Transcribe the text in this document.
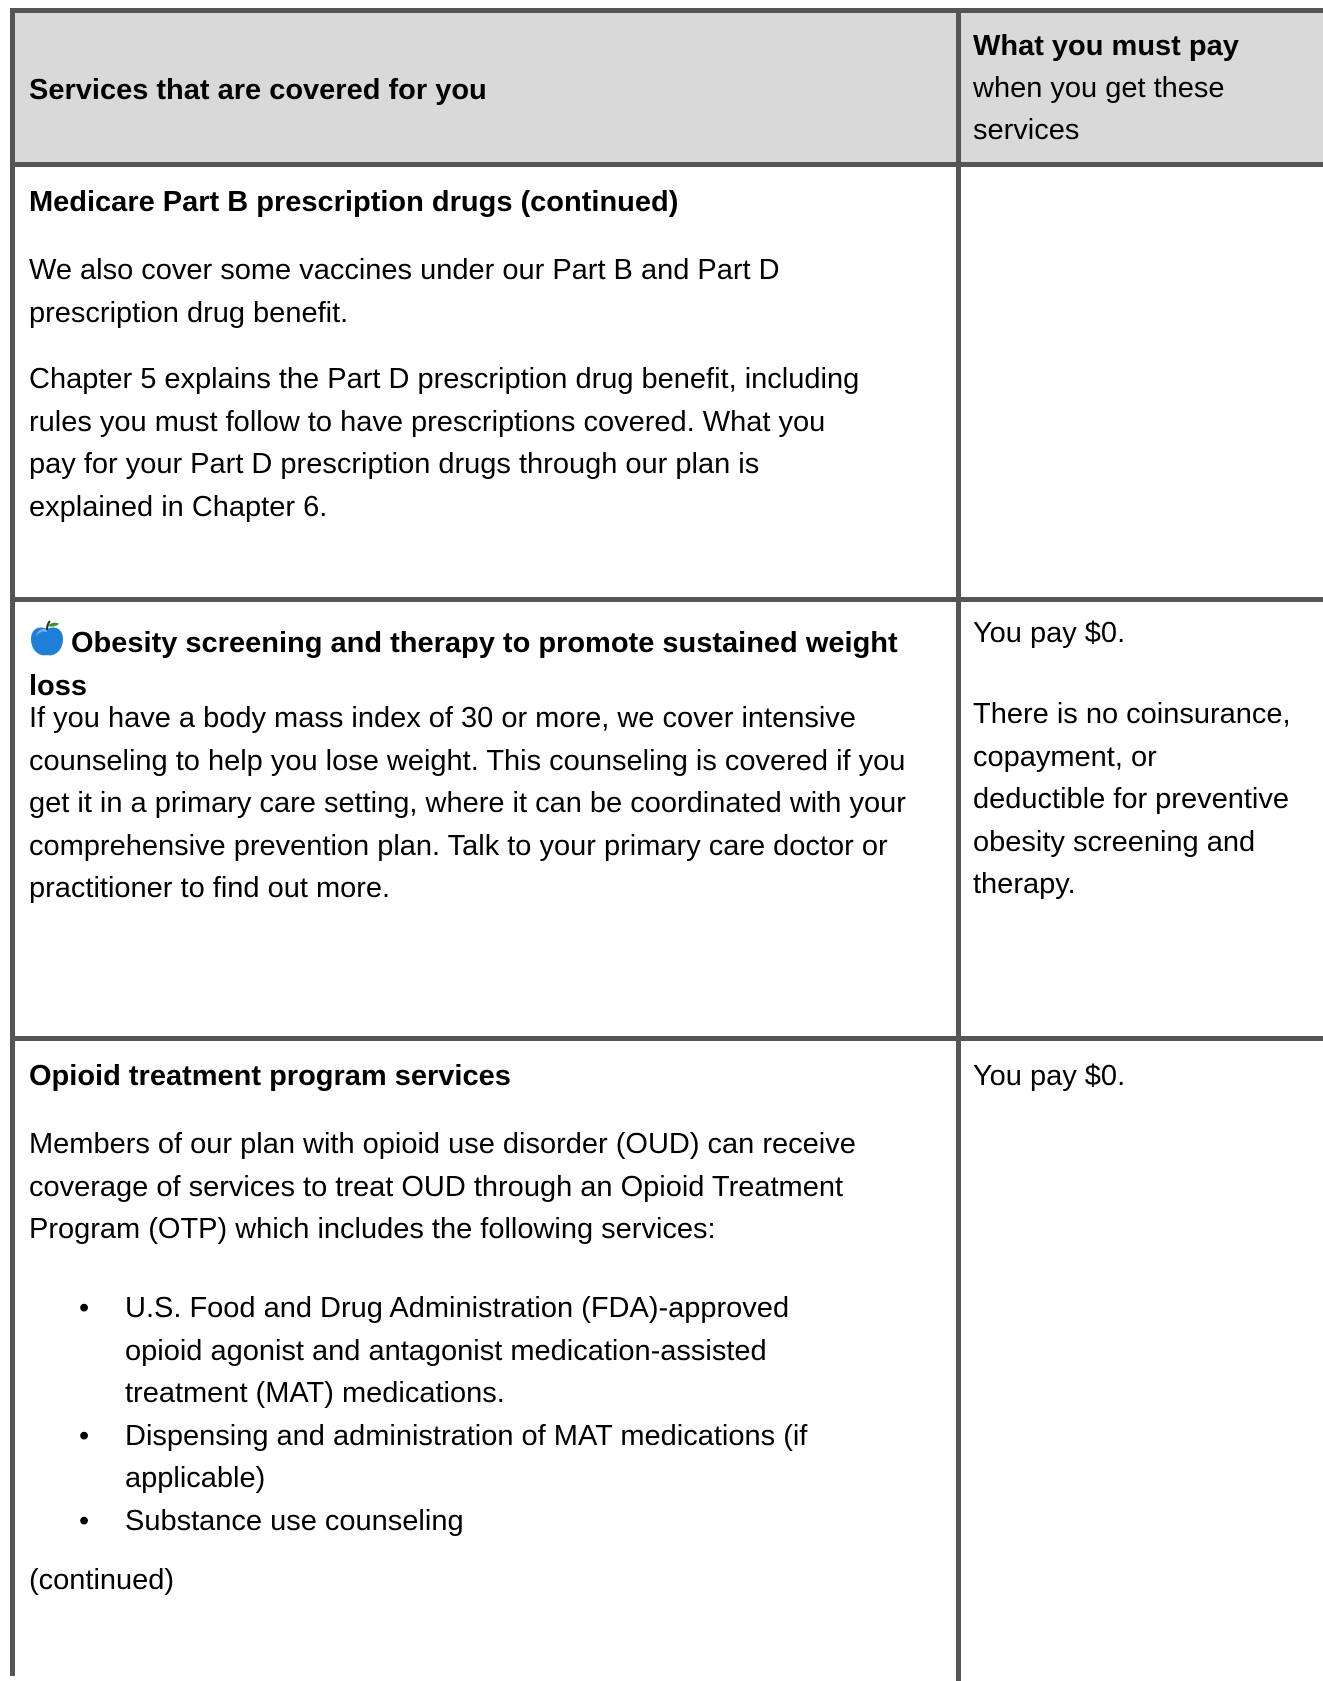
Services that are covered for you

What you must pay
when you get these services

Medicare Part B prescription drugs (continued)

We also cover some vaccines under our Part B and Part D prescription drug benefit.

Chapter 5 explains the Part D prescription drug benefit, including rules you must follow to have prescriptions covered. What you pay for your Part D prescription drugs through our plan is explained in Chapter 6.

Obesity screening and therapy to promote sustained weight loss

If you have a body mass index of 30 or more, we cover intensive counseling to help you lose weight. This counseling is covered if you get it in a primary care setting, where it can be coordinated with your comprehensive prevention plan. Talk to your primary care doctor or practitioner to find out more.

You pay $0.

There is no coinsurance, copayment, or deductible for preventive obesity screening and therapy.

Opioid treatment program services

Members of our plan with opioid use disorder (OUD) can receive coverage of services to treat OUD through an Opioid Treatment Program (OTP) which includes the following services:

• U.S. Food and Drug Administration (FDA)-approved opioid agonist and antagonist medication-assisted treatment (MAT) medications.
• Dispensing and administration of MAT medications (if applicable)
• Substance use counseling

(continued)

You pay $0.
